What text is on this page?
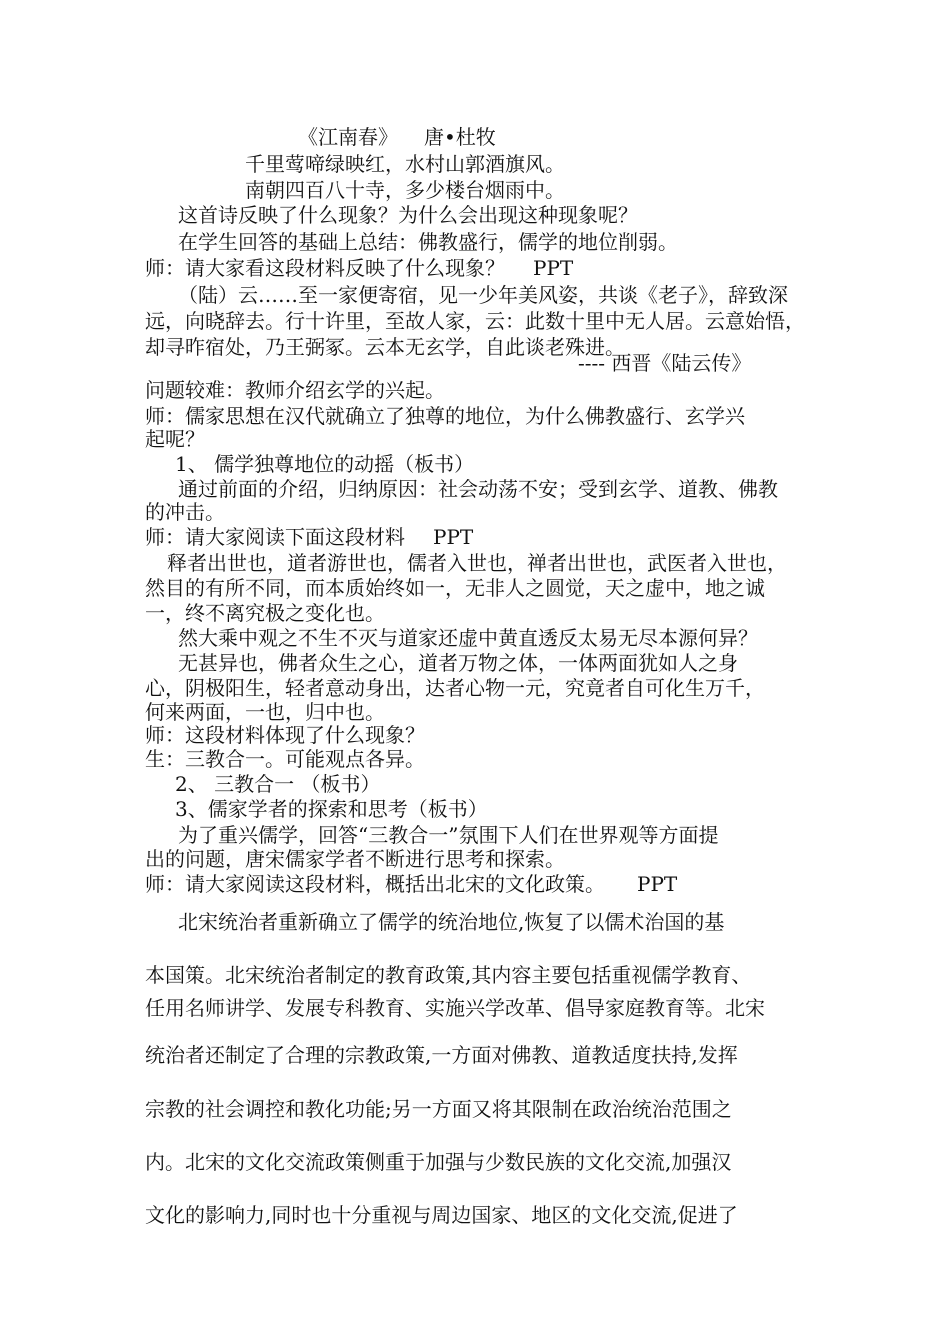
《江南春》 唐•杜牧
千里莺啼绿映红，水村山郭酒旗风。
南朝四百八十寺，多少楼台烟雨中。
这首诗反映了什么现象？为什么会出现这种现象呢？
在学生回答的基础上总结：佛教盛行，儒学的地位削弱。
师：请大家看这段材料反映了什么现象？ PPT
（陆）云……至一家便寄宿，见一少年美风姿，共谈《老子》，辞致深
远，向晓辞去。行十许里，至故人家，云：此数十里中无人居。云意始悟，
却寻昨宿处，乃王弼冢。云本无玄学，自此谈老殊进。
---- 西晋《陆云传》
问题较难：教师介绍玄学的兴起。
师：儒家思想在汉代就确立了独尊的地位，为什么佛教盛行、玄学兴
起呢？
1、 儒学独尊地位的动摇（板书）
通过前面的介绍，归纳原因：社会动荡不安；受到玄学、道教、佛教
的冲击。
师：请大家阅读下面这段材料 PPT
释者出世也，道者游世也，儒者入世也，禅者出世也，武医者入世也，
然目的有所不同，而本质始终如一，无非人之圆觉，天之虚中，地之诚
一，终不离究极之变化也。
然大乘中观之不生不灭与道家还虚中黄直透反太易无尽本源何异？
无甚异也，佛者众生之心，道者万物之体，一体两面犹如人之身
心，阴极阳生，轻者意动身出，达者心物一元，究竟者自可化生万千，
何来两面，一也，归中也。
师：这段材料体现了什么现象？
生：三教合一。可能观点各异。
2、 三教合一 （板书）
3、儒家学者的探索和思考（板书）
为了重兴儒学，回答“三教合一”氛围下人们在世界观等方面提
出的问题，唐宋儒家学者不断进行思考和探索。
师：请大家阅读这段材料，概括出北宋的文化政策。 PPT
北宋统治者重新确立了儒学的统治地位,恢复了以儒术治国的基
本国策。北宋统治者制定的教育政策,其内容主要包括重视儒学教育、
任用名师讲学、发展专科教育、实施兴学改革、倡导家庭教育等。北宋
统治者还制定了合理的宗教政策,一方面对佛教、道教适度扶持,发挥
宗教的社会调控和教化功能;另一方面又将其限制在政治统治范围之
内。北宋的文化交流政策侧重于加强与少数民族的文化交流,加强汉
文化的影响力,同时也十分重视与周边国家、地区的文化交流,促进了
